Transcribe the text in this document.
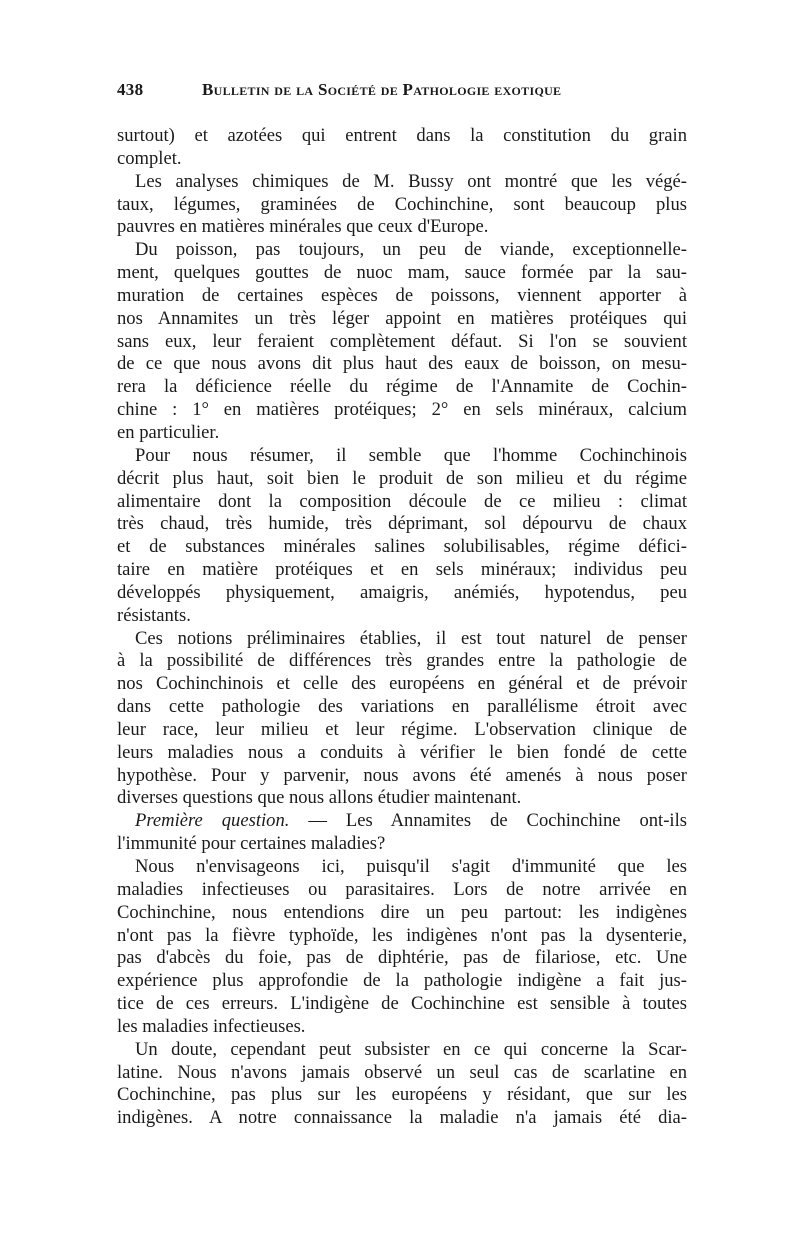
438	Bulletin de la Société de Pathologie exotique

surtout) et azotées qui entrent dans la constitution du grain
complet.

Les analyses chimiques de M. Bussy ont montré que les végé-
taux, légumes, graminées de Cochinchine, sont beaucoup plus
pauvres en matières minérales que ceux d'Europe.

Du poisson, pas toujours, un peu de viande, exceptionnelle-
ment, quelques gouttes de nuoc mam, sauce formée par la sau-
muration de certaines espèces de poissons, viennent apporter à
nos Annamites un très léger appoint en matières protéiques qui
sans eux, leur feraient complètement défaut. Si l'on se souvient
de ce que nous avons dit plus haut des eaux de boisson, on mesu-
rera la déficience réelle du régime de l'Annamite de Cochin-
chine : 1° en matières protéiques; 2° en sels minéraux, calcium
en particulier.

Pour nous résumer, il semble que l'homme Cochinchinois
décrit plus haut, soit bien le produit de son milieu et du régime
alimentaire dont la composition découle de ce milieu : climat
très chaud, très humide, très déprimant, sol dépourvu de chaux
et de substances minérales salines solubilisables, régime défici-
taire en matière protéiques et en sels minéraux; individus peu
développés physiquement, amaigris, anémiés, hypotendus, peu
résistants.

Ces notions préliminaires établies, il est tout naturel de penser
à la possibilité de différences très grandes entre la pathologie de
nos Cochinchinois et celle des européens en général et de prévoir
dans cette pathologie des variations en parallélisme étroit avec
leur race, leur milieu et leur régime. L'observation clinique de
leurs maladies nous a conduits à vérifier le bien fondé de cette
hypothèse. Pour y parvenir, nous avons été amenés à nous poser
diverses questions que nous allons étudier maintenant.

Première question. — Les Annamites de Cochinchine ont-ils
l'immunité pour certaines maladies?

Nous n'envisageons ici, puisqu'il s'agit d'immunité que les
maladies infectieuses ou parasitaires. Lors de notre arrivée en
Cochinchine, nous entendions dire un peu partout: les indigènes
n'ont pas la fièvre typhoïde, les indigènes n'ont pas la dysenterie,
pas d'abcès du foie, pas de diphtérie, pas de filariose, etc. Une
expérience plus approfondie de la pathologie indigène a fait jus-
tice de ces erreurs. L'indigène de Cochinchine est sensible à toutes
les maladies infectieuses.

Un doute, cependant peut subsister en ce qui concerne la Scar-
latine. Nous n'avons jamais observé un seul cas de scarlatine en
Cochinchine, pas plus sur les européens y résidant, que sur les
indigènes. A notre connaissance la maladie n'a jamais été dia-
